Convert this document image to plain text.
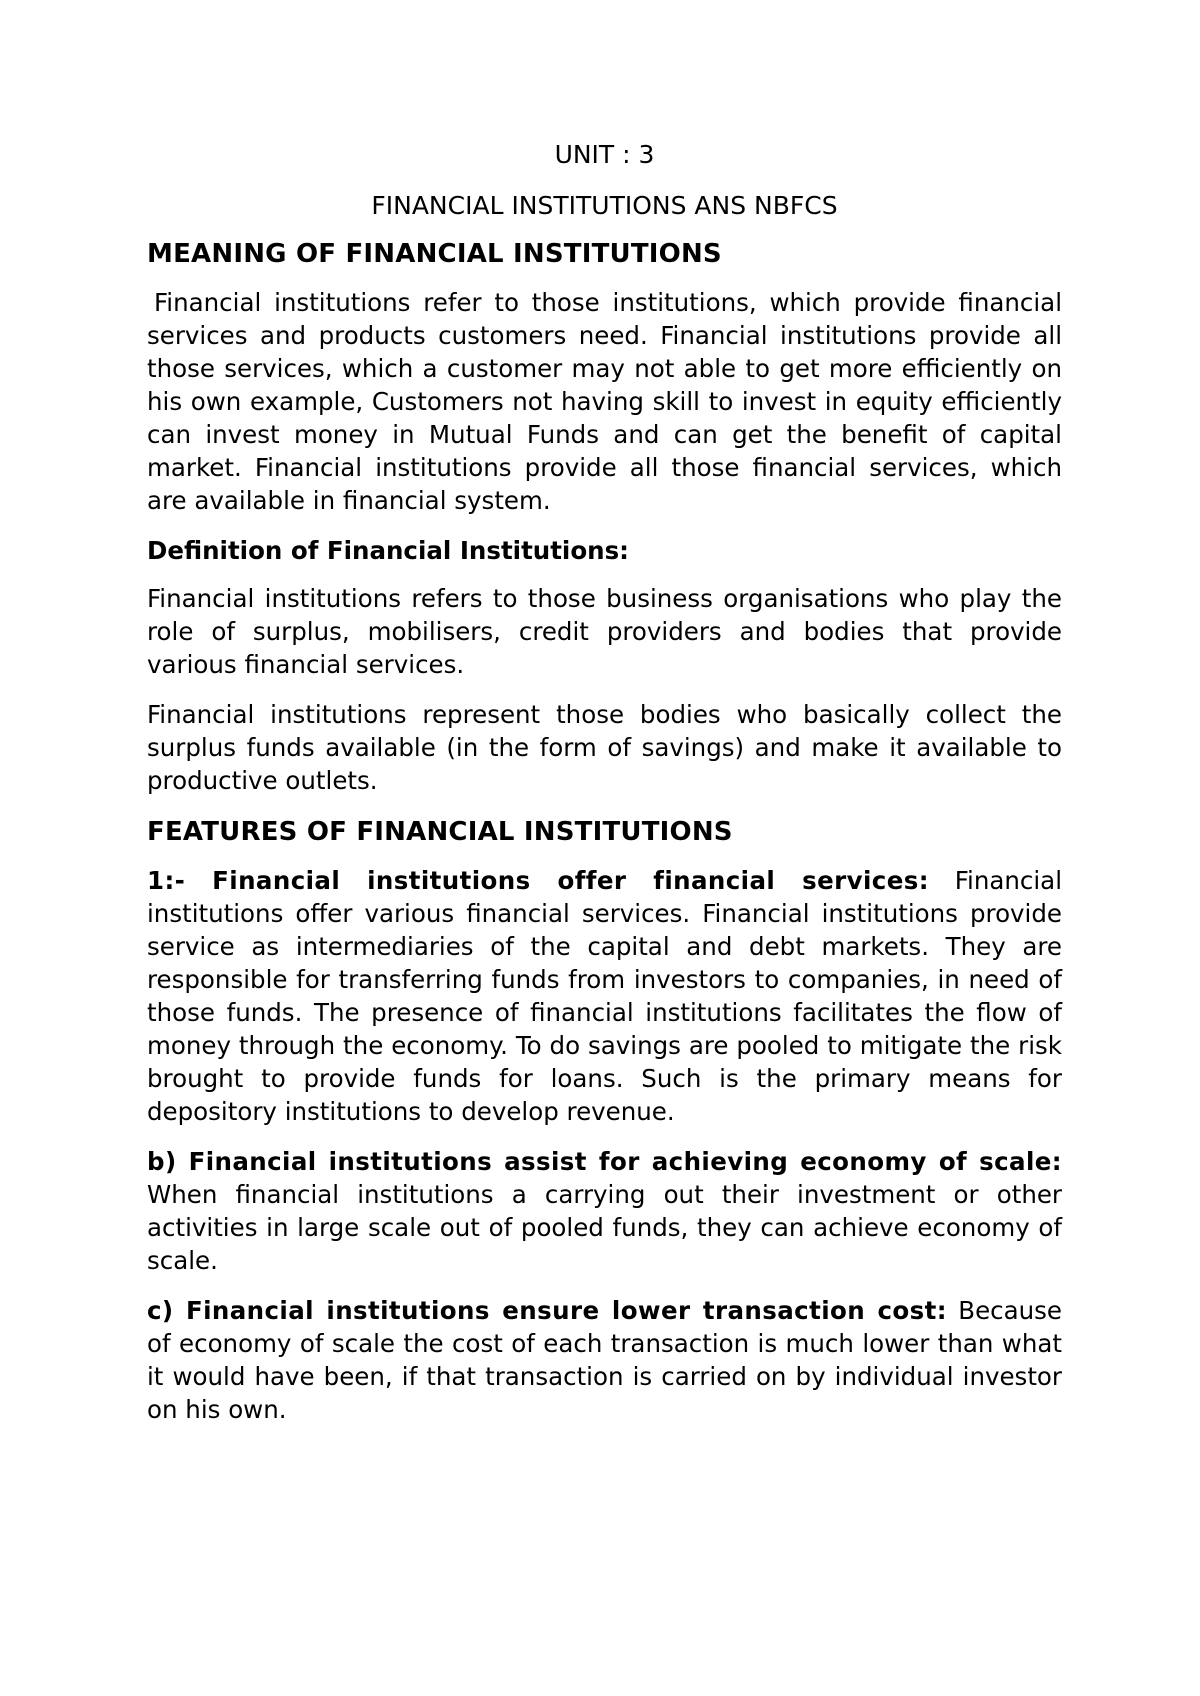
UNIT : 3

FINANCIAL INSTITUTIONS ANS NBFCS

MEANING OF FINANCIAL INSTITUTIONS

Financial institutions refer to those institutions, which provide financial services and products customers need. Financial institutions provide all those services, which a customer may not able to get more efficiently on his own example, Customers not having skill to invest in equity efficiently can invest money in Mutual Funds and can get the benefit of capital market. Financial institutions provide all those financial services, which are available in financial system.

Definition of Financial Institutions:

Financial institutions refers to those business organisations who play the role of surplus, mobilisers, credit providers and bodies that provide various financial services.

Financial institutions represent those bodies who basically collect the surplus funds available (in the form of savings) and make it available to productive outlets.

FEATURES OF FINANCIAL INSTITUTIONS

1:- Financial institutions offer financial services: Financial institutions offer various financial services. Financial institutions provide service as intermediaries of the capital and debt markets. They are responsible for transferring funds from investors to companies, in need of those funds. The presence of financial institutions facilitates the flow of money through the economy. To do savings are pooled to mitigate the risk brought to provide funds for loans. Such is the primary means for depository institutions to develop revenue.

b) Financial institutions assist for achieving economy of scale: When financial institutions a carrying out their investment or other activities in large scale out of pooled funds, they can achieve economy of scale.

c) Financial institutions ensure lower transaction cost: Because of economy of scale the cost of each transaction is much lower than what it would have been, if that transaction is carried on by individual investor on his own.
